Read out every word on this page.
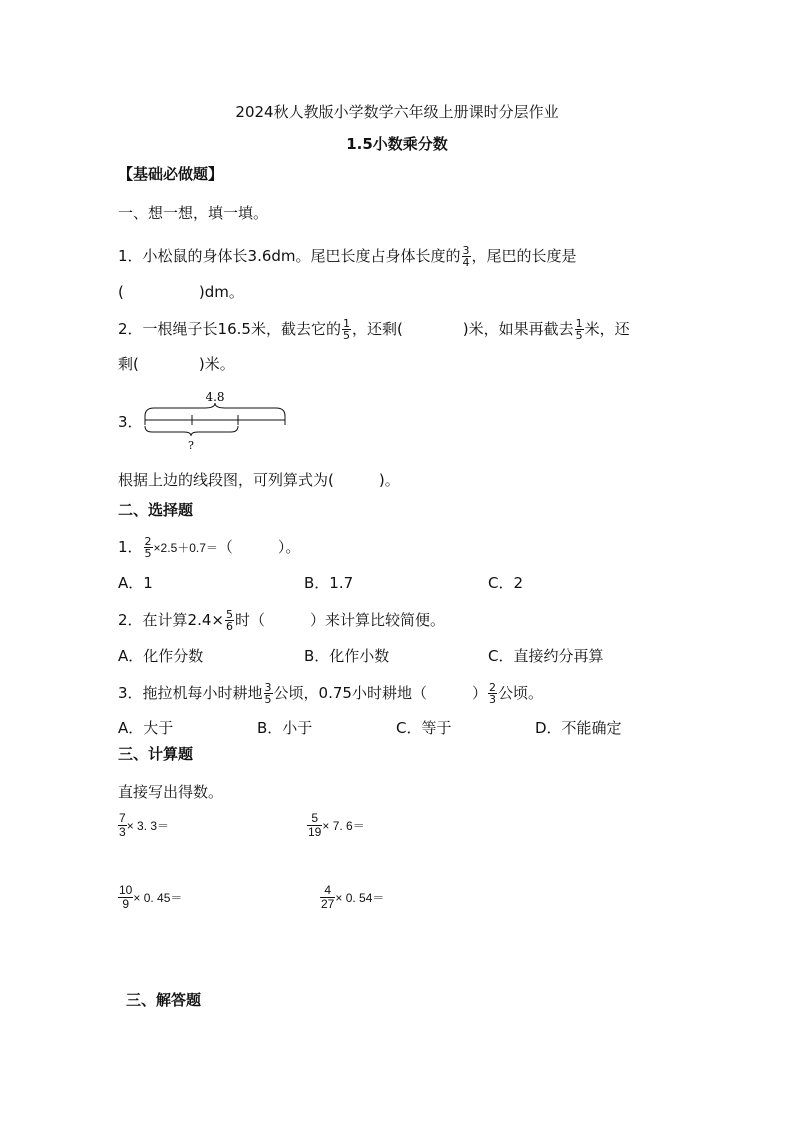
2024秋人教版小学数学六年级上册课时分层作业
1.5小数乘分数
【基础必做题】
一、想一想，填一填。
1．小松鼠的身体长3.6dm。尾巴长度占身体长度的 $\frac{3}{4}$ ，尾巴的长度是
(　　　　　)dm。
2．一根绳子长16.5米，截去它的 $\frac{1}{5}$ ，还剩(　　　　)米，如果再截去 $\frac{1}{5}$ 米，还
剩(　　　　)米。
3．
4.8
?
根据上边的线段图，可列算式为(　　　)。
二、选择题
1． $\frac{2}{5} \times 2.5+0.7=$（　　　）。
A．1	B．1.7	C．2
2．在计算$2.4\times \frac{5}{6}$ 时（　　　）来计算比较简便。
A．化作分数	B．化作小数	C．直接约分再算
3．拖拉机每小时耕地 $\frac{3}{5}$ 公顷，0.75小时耕地（　　　） $\frac{2}{3}$ 公顷。
A．大于	B．小于	C．等于	D．不能确定
三、计算题
直接写出得数。
$\frac{7}{3} \times 3$. 3＝	$\frac{5}{19} \times 7$. 6＝
$\frac{10}{9} \times 0$. 45＝	$\frac{4}{27} \times 0$. 54＝
三、解答题
